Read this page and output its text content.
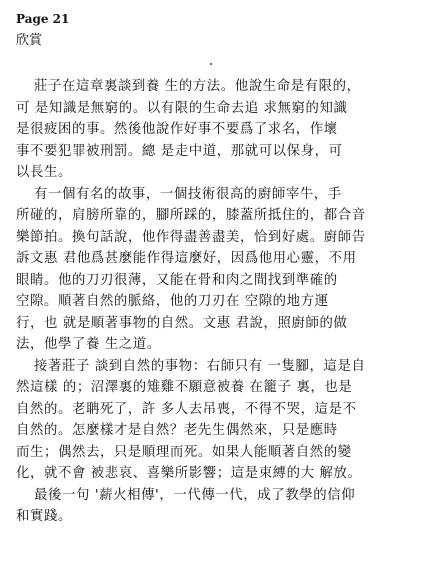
Page 21

欣賞

莊子在這章裏談到養 生的方法。他說生命是有限的，
可 是知識是無窮的。以有限的生命去追 求無窮的知識
是很疲困的事。然後他說作好事不要爲了求名，作壞
事不要犯罪被刑罰。總 是走中道，那就可以保身，可
以長生。
有一個有名的故事，一個技術很高的廚師宰牛，手
所碰的，肩膀所靠的，腳所踩的，膝蓋所抵住的，都合音
樂節拍。換句話說，他作得盡善盡美，恰到好處。廚師告
訴文惠 君他爲甚麼能作得這麼好，因爲他用心靈，不用
眼睛。他的刀刃很薄，又能在骨和肉之間找到準確的
空隙。順著自然的脈絡，他的刀刃在 空隙的地方運
行，也 就是順著事物的自然。文惠 君說，照廚師的做
法，他學了養 生之道。
接著莊子 談到自然的事物：右師只有 一隻腳，這是自
然這樣 的；沼澤裏的雉雞不願意被養 在籠子 裏，也是
自然的。老聃死了，許 多人去吊喪，不得不哭，這是不
自然的。怎麼樣才是自然？老先生偶然來，只是應時
而生；偶然去，只是順理而死。如果人能順著自然的變
化，就不會 被悲哀、喜樂所影響；這是束縛的大 解放。
最後一句 '薪火相傳'，一代傳一代，成了教學的信仰
和實踐。
